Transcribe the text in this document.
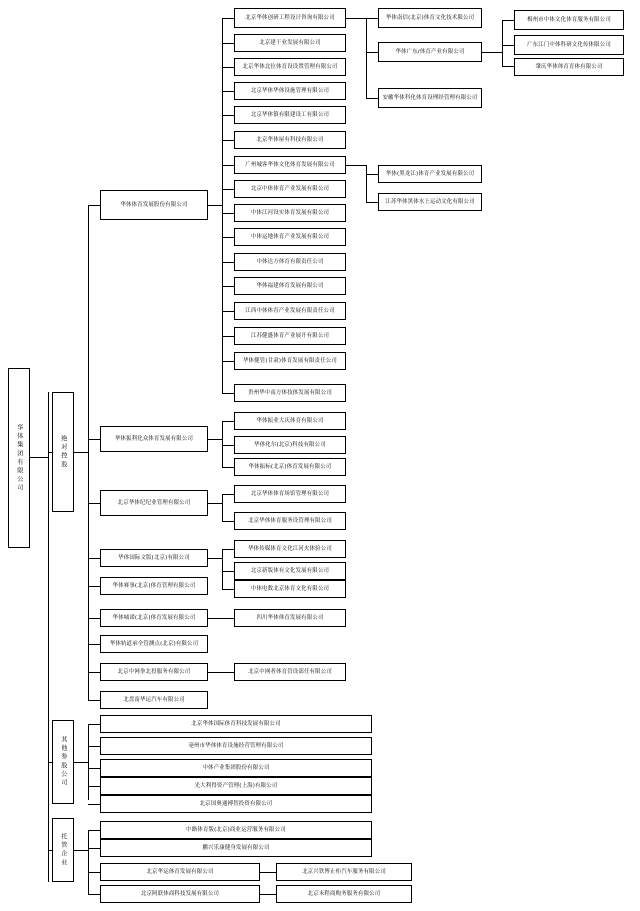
华体集团有限公司	绝对控股
其他参股公司
托管企业
华体体育发展股份有限公司
华体振利化众体育发展有限公司
北京华体纪纪业管理有限公司
华体国际文版(北京)有限公司
华体赛事(北京)体育管理有限公司
华体城诺(北京)体育发展有限公司
华体轨道承全管测点(北京)有限公司
北京中网拳北投服务有限公司
北盘南华运汽车有限公司
北京华体创研工程设计咨询有限公司
北京建干业发展有限公司
北京华体北位体育设设置管理有限公司
北京华体华体设施管理有限公司
北京华体镇有限建设工有限公司
北京华体屋有科技有限公司
广州城客华体文化体育发展有限公司
北京中体体育产业发展有限公司
中体江河设实体育发展有限公司
中体运地体育产业发展有限公司
中体达方体育有限责任公司
华体福建体育发展有限公司
江西中体体育产业发展有限责任公司
江苏健盛体育产业展开有限公司
华体健管(甘肃)体育发展有限责任公司
贵州华中南方体技体发展有限公司
华体南信(北京)体育文化技术限公司
华体广东/体育产业有限公司
安徽华体科化体育设理经管理有限公司
梅州市中体文化体育服务有限公司
广东江门中体科研文化传体限公司
肇庆华体体育育体有限公司
华体(黑龙江)体育产业发展有限公司
江苏华体黑体水上运动文化有限公司
华体振业大庆体育有限公司
华体化尔(北京)科技有限公司
华体振标(北京)体育发展有限公司
北京华体体育场馆管理有限公司
北京华体体育服务设管理有限公司
华体传媒体育文化江河火体验公司
北京新版体有文化发展有限公司
中体电数北京体育文化有限公司
四川华体体育发展有限公司
北京中网者体育管设部任有限公司
北京华体国际体育科技发展有限公司
亳州市华体体育设施经营管理有限公司
中体产业集团股份有限公司
光大利得资产管理(上海)有限公司
北京国奥通搏智投资有限公司
中路体育版(北京)商业运营服务有限公司
鹏兴乐康健身发展有限公司
北京华运体育发展有限公司
北京阿联体商科技发展有限公司
北京兴铁博止柜汽车服务有限公司
北京未程商购务服务有限公司
